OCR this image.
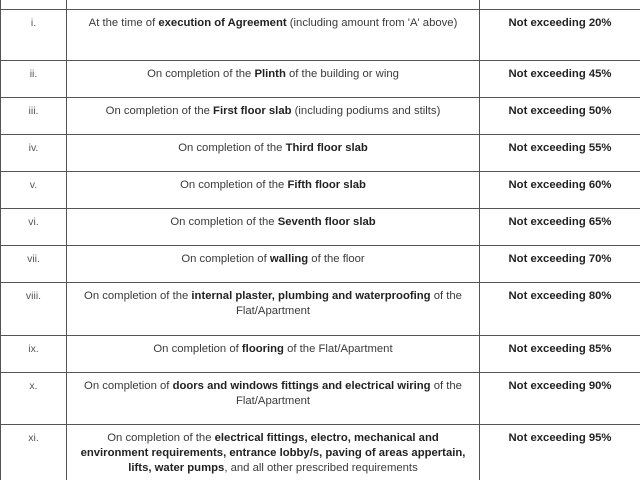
i.	At the time of execution of Agreement (including amount from 'A' above)	Not exceeding 20%
ii.	On completion of the Plinth of the building or wing	Not exceeding 45%
iii.	On completion of the First floor slab (including podiums and stilts)	Not exceeding 50%
iv.	On completion of the Third floor slab	Not exceeding 55%
v.	On completion of the Fifth floor slab	Not exceeding 60%
vi.	On completion of the Seventh floor slab	Not exceeding 65%
vii.	On completion of walling of the floor	Not exceeding 70%
viii.	On completion of the internal plaster, plumbing and waterproofing of the Flat/Apartment	Not exceeding 80%
ix.	On completion of flooring of the Flat/Apartment	Not exceeding 85%
x.	On completion of doors and windows fittings and electrical wiring of the Flat/Apartment	Not exceeding 90%
xi.	On completion of the electrical fittings, electro, mechanical and environment requirements, entrance lobby/s, paving of areas appertain, lifts, water pumps, and all other prescribed requirements	Not exceeding 95%
